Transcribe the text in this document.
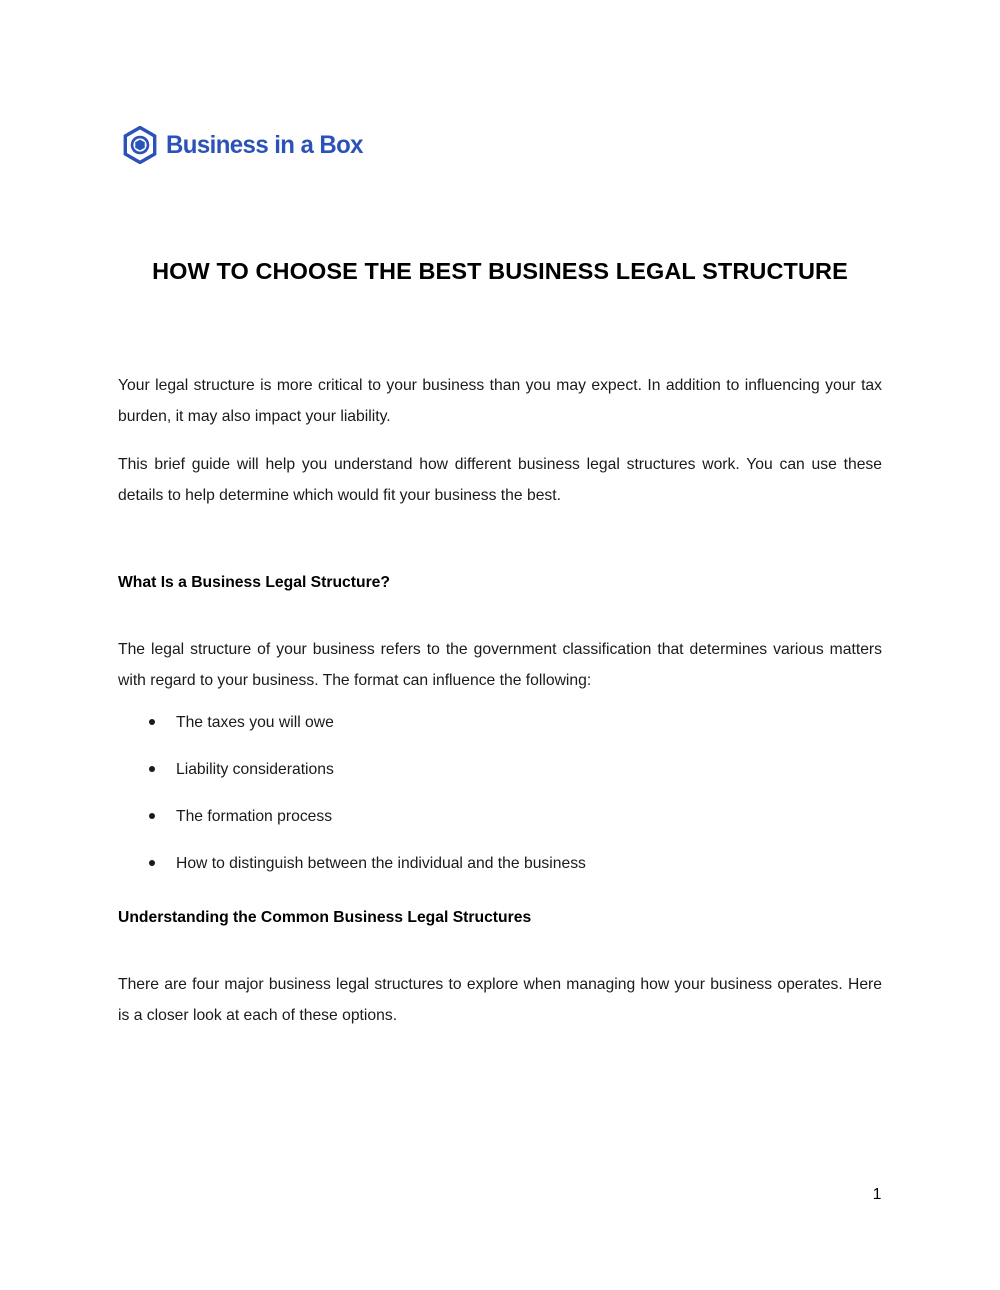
Business in a Box
HOW TO CHOOSE THE BEST BUSINESS LEGAL STRUCTURE

Your legal structure is more critical to your business than you may expect. In addition to influencing your tax burden, it may also impact your liability.

This brief guide will help you understand how different business legal structures work. You can use these details to help determine which would fit your business the best.

What Is a Business Legal Structure?

The legal structure of your business refers to the government classification that determines various matters with regard to your business. The format can influence the following:

The taxes you will owe
Liability considerations
The formation process
How to distinguish between the individual and the business
Understanding the Common Business Legal Structures

There are four major business legal structures to explore when managing how your business operates. Here is a closer look at each of these options.

1
